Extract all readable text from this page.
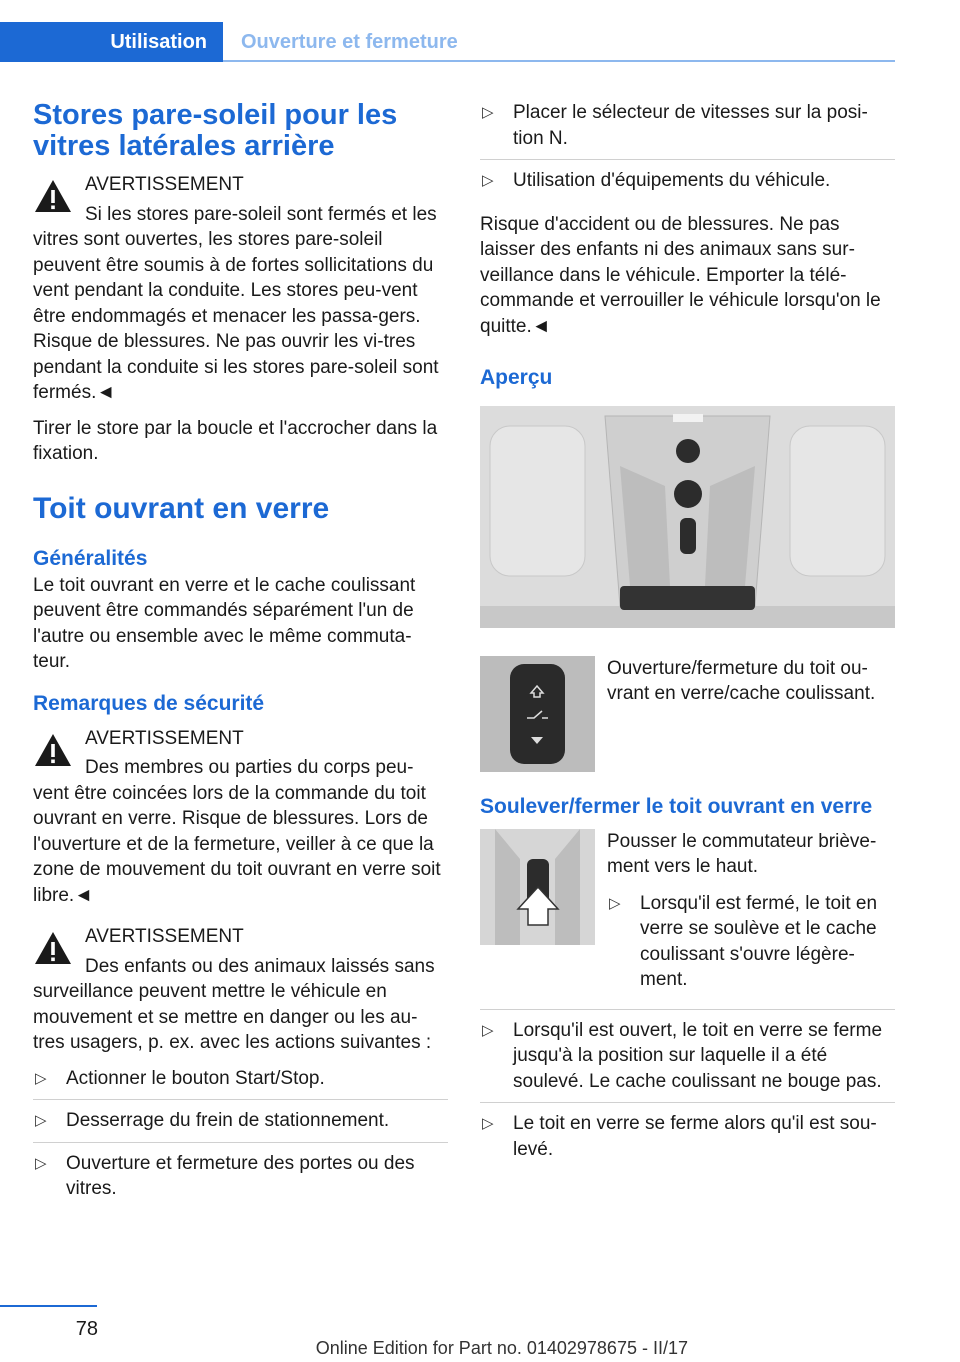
Utilisation	Ouverture et fermeture
Stores pare-soleil pour les vitres latérales arrière
AVERTISSEMENT
Si les stores pare-soleil sont fermés et les vitres sont ouvertes, les stores pare-soleil peuvent être soumis à de fortes sollicitations du vent pendant la conduite. Les stores peu-vent être endommagés et menacer les passa-gers. Risque de blessures. Ne pas ouvrir les vi-tres pendant la conduite si les stores pare-soleil sont fermés.◄

Tirer le store par la boucle et l'accrocher dans la fixation.

Toit ouvrant en verre
Généralités

Le toit ouvrant en verre et le cache coulissant peuvent être commandés séparément l'un de l'autre ou ensemble avec le même commuta-teur.

Remarques de sécurité
AVERTISSEMENT
Des membres ou parties du corps peu-vent être coincées lors de la commande du toit ouvrant en verre. Risque de blessures. Lors de l'ouverture et de la fermeture, veiller à ce que la zone de mouvement du toit ouvrant en verre soit libre.◄
AVERTISSEMENT
Des enfants ou des animaux laissés sans surveillance peuvent mettre le véhicule en mouvement et se mettre en danger ou les au-tres usagers, p. ex. avec les actions suivantes :
▷ Actionner le bouton Start/Stop.
▷ Desserrage du frein de stationnement.
▷ Ouverture et fermeture des portes ou des vitres.
▷ Placer le sélecteur de vitesses sur la posi-tion N.
▷ Utilisation d'équipements du véhicule.

Risque d'accident ou de blessures. Ne pas laisser des enfants ni des animaux sans sur-veillance dans le véhicule. Emporter la télé-commande et verrouiller le véhicule lorsqu'on le quitte.◄

Aperçu

Ouverture/fermeture du toit ou-vrant en verre/cache coulissant.

Soulever/fermer le toit ouvrant en verre

Pousser le commutateur briève-ment vers le haut.

▷ Lorsqu'il est fermé, le toit en verre se soulève et le cache coulissant s'ouvre légère-ment.
▷ Lorsqu'il est ouvert, le toit en verre se ferme jusqu'à la position sur laquelle il a été soulevé. Le cache coulissant ne bouge pas.
▷ Le toit en verre se ferme alors qu'il est sou-levé.
78
Online Edition for Part no. 01402978675 - II/17
